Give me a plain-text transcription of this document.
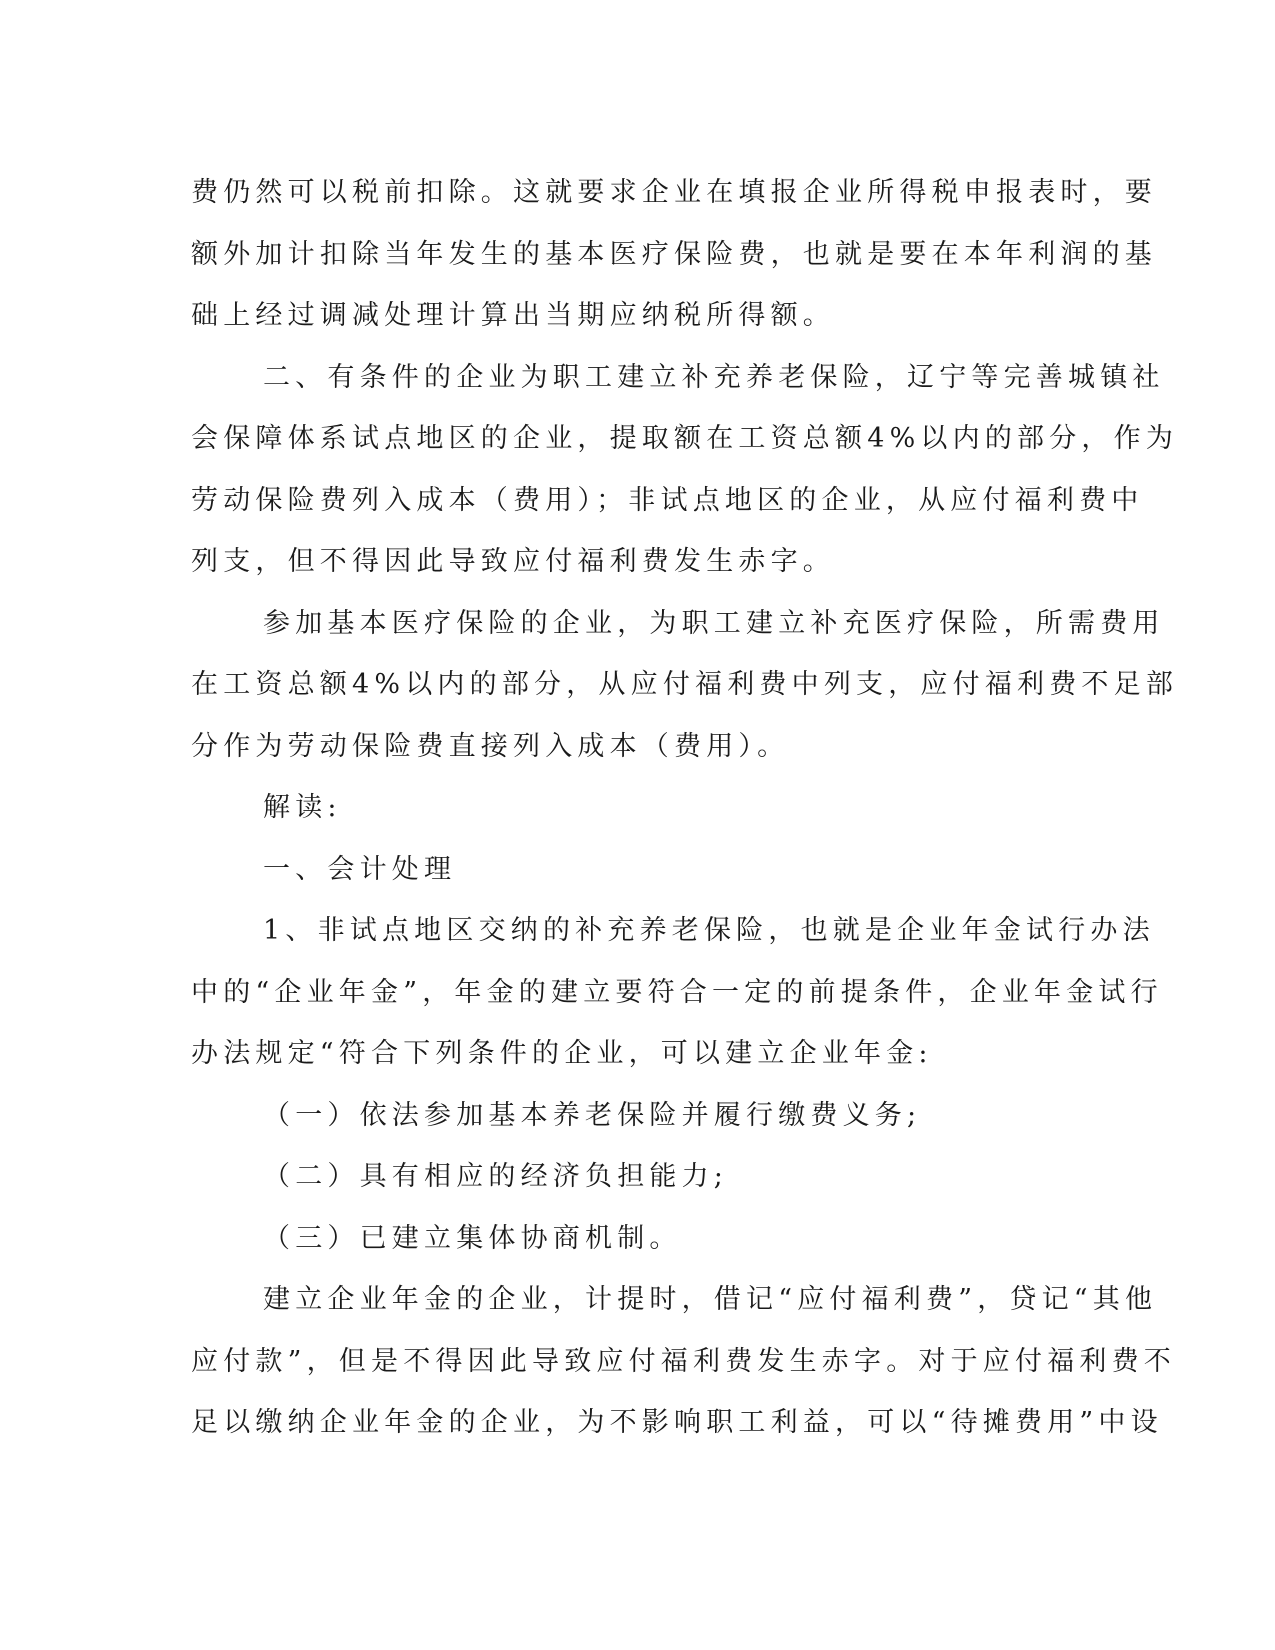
费仍然可以税前扣除。这就要求企业在填报企业所得税申报表时，要
额外加计扣除当年发生的基本医疗保险费，也就是要在本年利润的基
础上经过调减处理计算出当期应纳税所得额。
二、有条件的企业为职工建立补充养老保险，辽宁等完善城镇社
会保障体系试点地区的企业，提取额在工资总额4%以内的部分，作为
劳动保险费列入成本（费用）；非试点地区的企业，从应付福利费中
列支，但不得因此导致应付福利费发生赤字。
参加基本医疗保险的企业，为职工建立补充医疗保险，所需费用
在工资总额4%以内的部分，从应付福利费中列支，应付福利费不足部
分作为劳动保险费直接列入成本（费用）。
解读:
一、会计处理
1、非试点地区交纳的补充养老保险，也就是企业年金试行办法
中的“企业年金”，年金的建立要符合一定的前提条件，企业年金试行
办法规定“符合下列条件的企业，可以建立企业年金:
（一）依法参加基本养老保险并履行缴费义务;
（二）具有相应的经济负担能力;
（三）已建立集体协商机制。
建立企业年金的企业，计提时，借记“应付福利费”，贷记“其他
应付款”，但是不得因此导致应付福利费发生赤字。对于应付福利费不
足以缴纳企业年金的企业，为不影响职工利益，可以“待摊费用”中设
